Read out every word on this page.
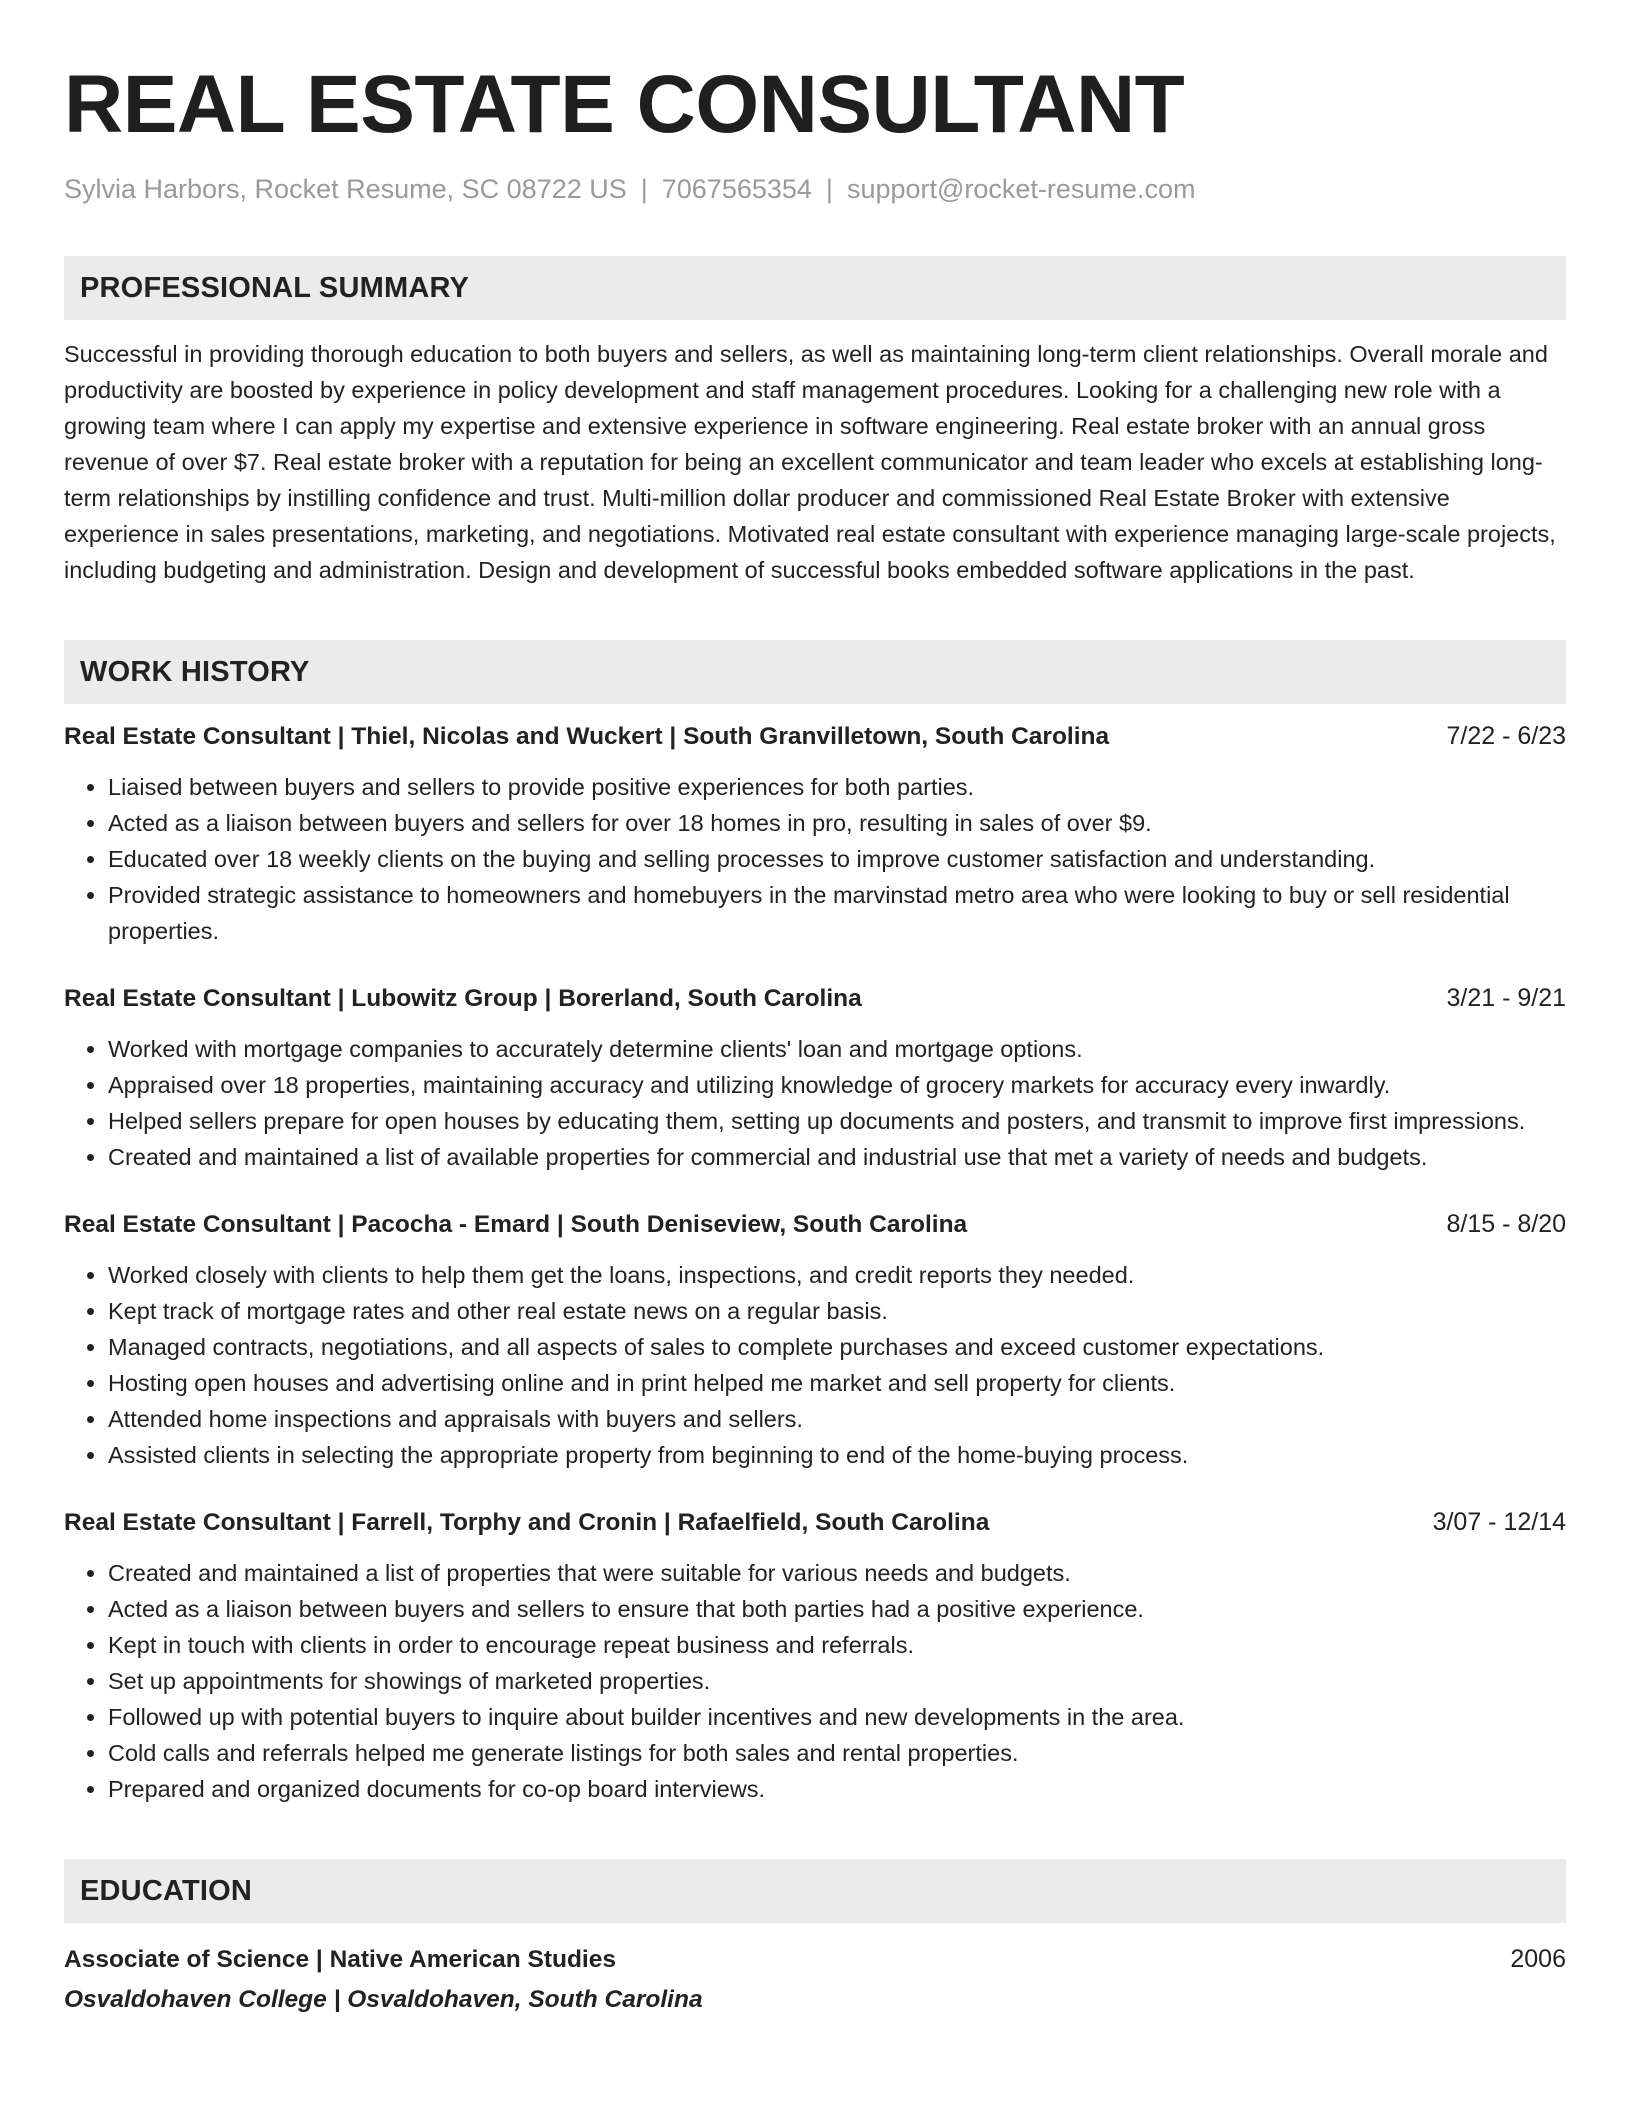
REAL ESTATE CONSULTANT
Sylvia Harbors, Rocket Resume, SC 08722 US | 7067565354 | support@rocket-resume.com
PROFESSIONAL SUMMARY
Successful in providing thorough education to both buyers and sellers, as well as maintaining long-term client relationships. Overall morale and productivity are boosted by experience in policy development and staff management procedures. Looking for a challenging new role with a growing team where I can apply my expertise and extensive experience in software engineering. Real estate broker with an annual gross revenue of over $7. Real estate broker with a reputation for being an excellent communicator and team leader who excels at establishing long-term relationships by instilling confidence and trust. Multi-million dollar producer and commissioned Real Estate Broker with extensive experience in sales presentations, marketing, and negotiations. Motivated real estate consultant with experience managing large-scale projects, including budgeting and administration. Design and development of successful books embedded software applications in the past.
WORK HISTORY
Real Estate Consultant | Thiel, Nicolas and Wuckert | South Granvilletown, South Carolina	7/22 - 6/23
• Liaised between buyers and sellers to provide positive experiences for both parties.
• Acted as a liaison between buyers and sellers for over 18 homes in pro, resulting in sales of over $9.
• Educated over 18 weekly clients on the buying and selling processes to improve customer satisfaction and understanding.
• Provided strategic assistance to homeowners and homebuyers in the marvinstad metro area who were looking to buy or sell residential properties.
Real Estate Consultant | Lubowitz Group | Borerland, South Carolina	3/21 - 9/21
• Worked with mortgage companies to accurately determine clients' loan and mortgage options.
• Appraised over 18 properties, maintaining accuracy and utilizing knowledge of grocery markets for accuracy every inwardly.
• Helped sellers prepare for open houses by educating them, setting up documents and posters, and transmit to improve first impressions.
• Created and maintained a list of available properties for commercial and industrial use that met a variety of needs and budgets.
Real Estate Consultant | Pacocha - Emard | South Deniseview, South Carolina	8/15 - 8/20
• Worked closely with clients to help them get the loans, inspections, and credit reports they needed.
• Kept track of mortgage rates and other real estate news on a regular basis.
• Managed contracts, negotiations, and all aspects of sales to complete purchases and exceed customer expectations.
• Hosting open houses and advertising online and in print helped me market and sell property for clients.
• Attended home inspections and appraisals with buyers and sellers.
• Assisted clients in selecting the appropriate property from beginning to end of the home-buying process.
Real Estate Consultant | Farrell, Torphy and Cronin | Rafaelfield, South Carolina	3/07 - 12/14
• Created and maintained a list of properties that were suitable for various needs and budgets.
• Acted as a liaison between buyers and sellers to ensure that both parties had a positive experience.
• Kept in touch with clients in order to encourage repeat business and referrals.
• Set up appointments for showings of marketed properties.
• Followed up with potential buyers to inquire about builder incentives and new developments in the area.
• Cold calls and referrals helped me generate listings for both sales and rental properties.
• Prepared and organized documents for co-op board interviews.
EDUCATION
Associate of Science | Native American Studies	2006
Osvaldohaven College | Osvaldohaven, South Carolina
